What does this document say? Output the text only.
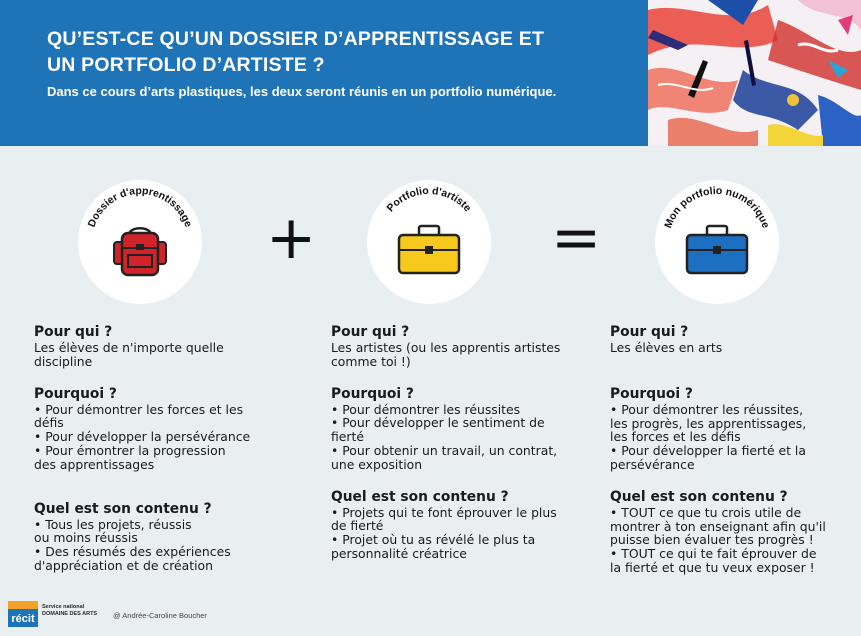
QU’EST-CE QU’UN DOSSIER D’APPRENTISSAGE ET
UN PORTFOLIO D’ARTISTE ?

Dans ce cours d’arts plastiques, les deux seront réunis en un portfolio numérique.

Dossier d'apprentissage +	Portfolio d'artiste =	Mon portfolio numérique
Pour qui ?

Les élèves de n'importe quelle

discipline

Pourquoi ?

• Pour démontrer les forces et les

défis

• Pour développer la persévérance

• Pour émontrer la progression

des apprentissages

Quel est son contenu ?

• Tous les projets, réussis

ou moins réussis

• Des résumés des expériences

d'appréciation et de création

Pour qui ?

Les artistes (ou les apprentis artistes

comme toi !)

Pourquoi ?

• Pour démontrer les réussites

• Pour développer le sentiment de

fierté

• Pour obtenir un travail, un contrat,

une exposition

Quel est son contenu ?

• Projets qui te font éprouver le plus

de fierté

• Projet où tu as révélé le plus ta

personnalité créatrice

Pour qui ?

Les élèves en arts

Pourquoi ?

• Pour démontrer les réussites,

les progrès, les apprentissages,

les forces et les défis

• Pour développer la fierté et la

persévérance

Quel est son contenu ?

• TOUT ce que tu crois utile de

montrer à ton enseignant afin qu'il

puisse bien évaluer tes progrès !

• TOUT ce qui te fait éprouver de

la fierté et que tu veux exposer !

récit
Service national
DOMAINE DES ARTS @ Andrée-Caroline Boucher
